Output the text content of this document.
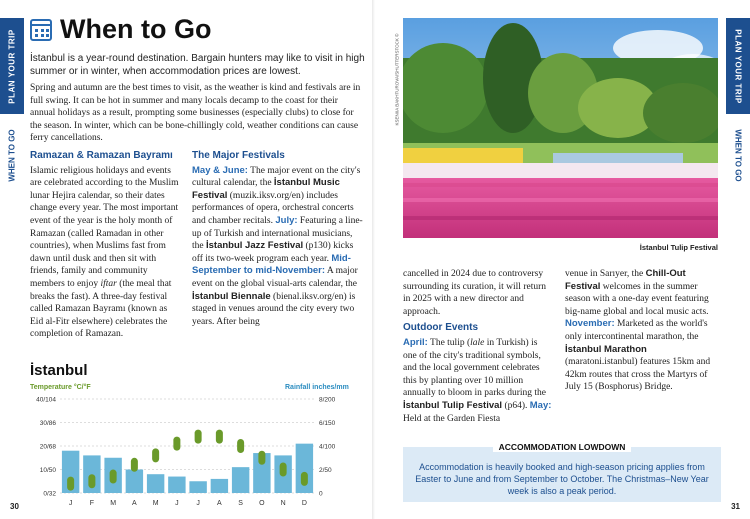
PLAN YOUR TRIP
WHEN TO GO
When to Go
İstanbul is a year-round destination. Bargain hunters may like to visit in high summer or in winter, when accommodation prices are lowest.
Spring and autumn are the best times to visit, as the weather is kind and festivals are in full swing. It can be hot in summer and many locals decamp to the coast for their annual holidays as a result, prompting some businesses (especially clubs) to close for the season. In winter, which can be bone-chillingly cold, weather conditions can cause ferry cancellations.
Ramazan & Ramazan Bayramı

Islamic religious holidays and events are celebrated according to the Muslim lunar Hejira calendar, so their dates change every year. The most important event of the year is the holy month of Ramazan (called Ramadan in other countries), when Muslims fast from dawn until dusk and then sit with friends, family and community members to enjoy iftar (the meal that breaks the fast). A three-day festival called Ramazan Bayramı (known as Eid al-Fitr elsewhere) celebrates the completion of Ramazan.

The Major Festivals

May & June: The major event on the city's cultural calendar, the İstanbul Music Festival (muzik.iksv.org/en) includes performances of opera, orchestral concerts and chamber recitals. July: Featuring a line-up of Turkish and international musicians, the İstanbul Jazz Festival (p130) kicks off its two-week program each year. Mid-September to mid-November: A major event on the global visual-arts calendar, the İstanbul Biennale (bienal.iksv.org/en) is staged in venues around the city every two years. After being

İstanbul
Temperature °C/°F	Rainfall inches/mm
40/104	8/200
30/86	6/150
20/68	4/100
10/50	2/50
0/32	0
J F M A M J	J A S O N D
30
KSENIIA BAKHTUROVA/SHUTTERSTOCK ©
İstanbul Tulip Festival

cancelled in 2024 due to controversy surrounding its curation, it will return in 2025 with a new director and approach.

Outdoor Events

April: The tulip (lale in Turkish) is one of the city's traditional symbols, and the local government celebrates this by planting over 10 million annually to bloom in parks during the İstanbul Tulip Festival (p64). May: Held at the Garden Fiesta

venue in Sarıyer, the Chill-Out Festival welcomes in the summer season with a one-day event featuring big-name global and local music acts. November: Marketed as the world's only intercontinental marathon, the İstanbul Marathon (maratoni.istanbul) features 15km and 42km routes that cross the Martyrs of July 15 (Bosphorus) Bridge.

ACCOMMODATION LOWDOWN
Accommodation is heavily booked and high-season pricing applies from Easter to June and from September to October. The Christmas–New Year week is also a peak period.
PLAN YOUR TRIP
WHEN TO GO
31
